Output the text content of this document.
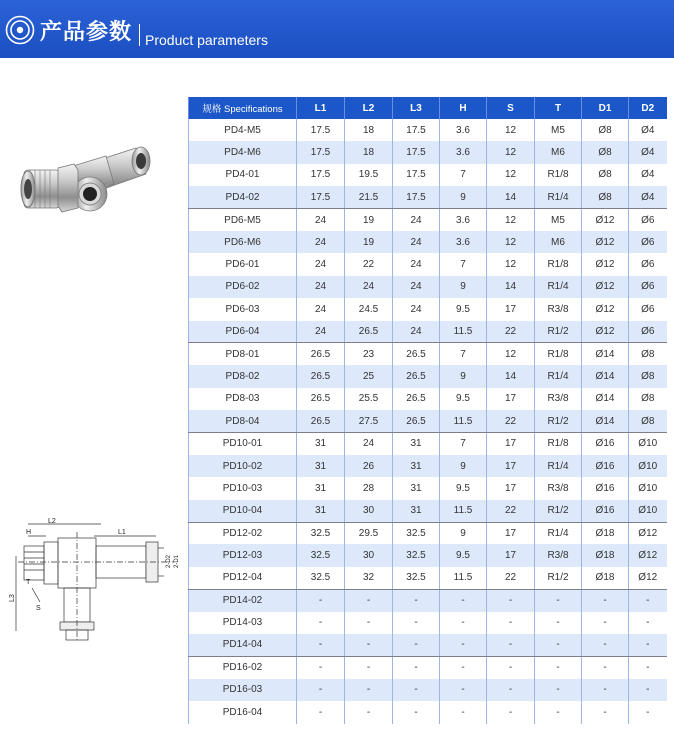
产品参数 Product parameters
L2
H	L1
L3
S
T
2-D2 2-D1
规格 Specifications	L1	L2	L3	H	S	T	D1	D2
PD4-M5	17.5	18	17.5	3.6	12	M5	Ø8	Ø4
PD4-M6	17.5	18	17.5	3.6	12	M6	Ø8	Ø4
PD4-01	17.5	19.5	17.5	7	12	R1/8	Ø8	Ø4
PD4-02	17.5	21.5	17.5	9	14	R1/4	Ø8	Ø4
PD6-M5	24	19	24	3.6	12	M5	Ø12	Ø6
PD6-M6	24	19	24	3.6	12	M6	Ø12	Ø6
PD6-01	24	22	24	7	12	R1/8	Ø12	Ø6
PD6-02	24	24	24	9	14	R1/4	Ø12	Ø6
PD6-03	24	24.5	24	9.5	17	R3/8	Ø12	Ø6
PD6-04	24	26.5	24	11.5	22	R1/2	Ø12	Ø6
PD8-01	26.5	23	26.5	7	12	R1/8	Ø14	Ø8
PD8-02	26.5	25	26.5	9	14	R1/4	Ø14	Ø8
PD8-03	26.5	25.5	26.5	9.5	17	R3/8	Ø14	Ø8
PD8-04	26.5	27.5	26.5	11.5	22	R1/2	Ø14	Ø8
PD10-01	31	24	31	7	17	R1/8	Ø16	Ø10
PD10-02	31	26	31	9	17	R1/4	Ø16	Ø10
PD10-03	31	28	31	9.5	17	R3/8	Ø16	Ø10
PD10-04	31	30	31	11.5	22	R1/2	Ø16	Ø10
PD12-02	32.5	29.5	32.5	9	17	R1/4	Ø18	Ø12
PD12-03	32.5	30	32.5	9.5	17	R3/8	Ø18	Ø12
PD12-04	32.5	32	32.5	11.5	22	R1/2	Ø18	Ø12
PD14-02	-	-	-	-	-	-	-	-
PD14-03	-	-	-	-	-	-	-	-
PD14-04	-	-	-	-	-	-	-	-
PD16-02	-	-	-	-	-	-	-	-
PD16-03	-	-	-	-	-	-	-	-
PD16-04	-	-	-	-	-	-	-	-
